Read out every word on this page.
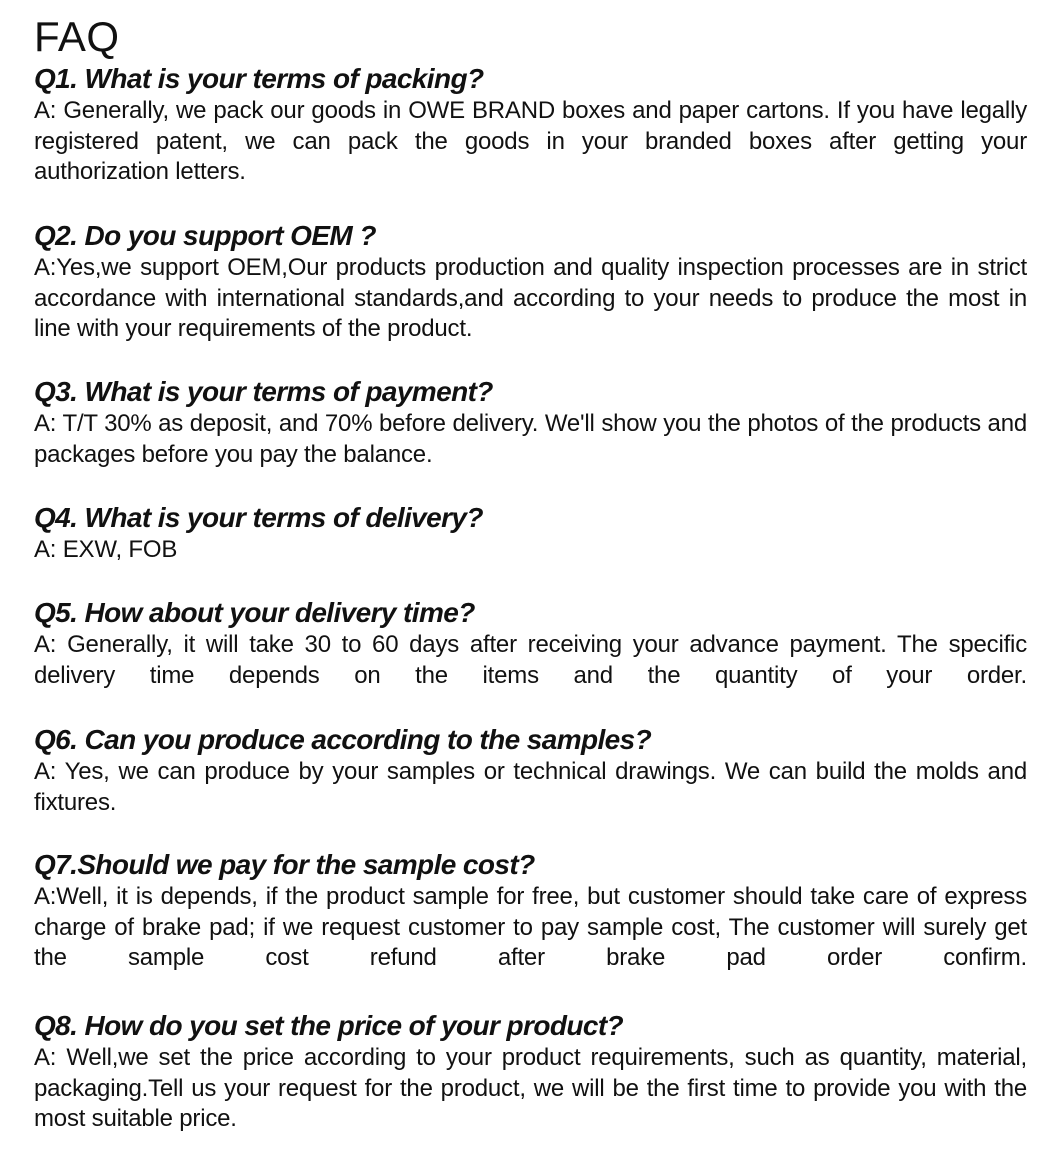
FAQ
Q1. What is your terms of packing?

A: Generally, we pack our goods in OWE BRAND boxes and paper cartons. If you have legally registered patent, we can pack the goods in your branded boxes after getting your authorization letters.

Q2. Do you support OEM ?

A:Yes,we support OEM,Our products production and quality inspection processes are in strict accordance with international standards,and according to your needs to produce the most in line with your requirements of the product.

Q3. What is your terms of payment?

A: T/T 30% as deposit, and 70% before delivery. We'll show you the photos of the products and packages before you pay the balance.

Q4. What is your terms of delivery?

A: EXW, FOB

Q5. How about your delivery time?

A: Generally, it will take 30 to 60 days after receiving your advance payment. The specific delivery time depends on the items and the quantity of your order.

Q6. Can you produce according to the samples?

A: Yes, we can produce by your samples or technical drawings. We can build the molds and fixtures.

Q7.Should we pay for the sample cost?

A:Well, it is depends, if the product sample for free, but customer should take care of express charge of brake pad; if we request customer to pay sample cost, The customer will surely get the sample cost refund after brake pad order confirm.

Q8. How do you set the price of your product?

A: Well,we set the price according to your product requirements, such as quantity, material, packaging.Tell us your request for the product, we will be the first time to provide you with the most suitable price.
